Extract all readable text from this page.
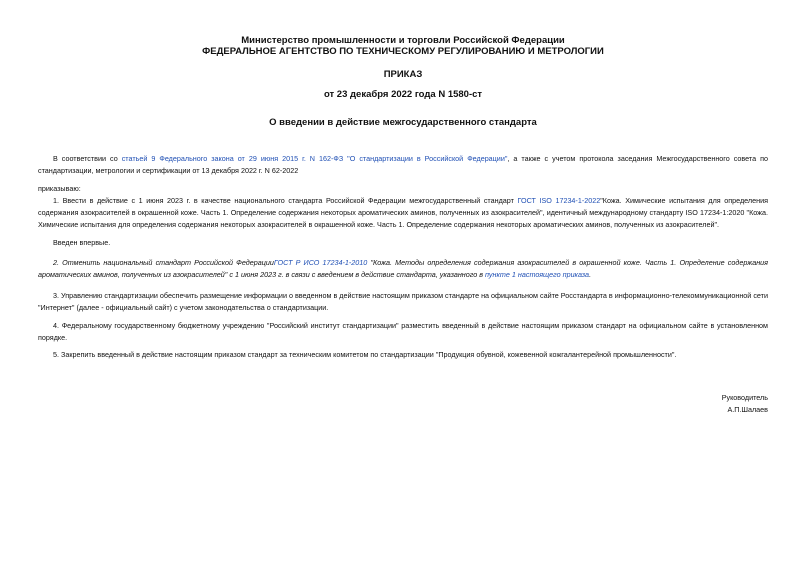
Министерство промышленности и торговли Российской Федерации
ФЕДЕРАЛЬНОЕ АГЕНТСТВО ПО ТЕХНИЧЕСКОМУ РЕГУЛИРОВАНИЮ И МЕТРОЛОГИИ
ПРИКАЗ
от 23 декабря 2022 года N 1580-ст
О введении в действие межгосударственного стандарта
В соответствии со статьей 9 Федерального закона от 29 июня 2015 г. N 162-ФЗ "О стандартизации в Российской Федерации", а также с учетом протокола заседания Межгосударственного совета по стандартизации, метрологии и сертификации от 13 декабря 2022 г. N 62-2022
приказываю:
1. Ввести в действие с 1 июня 2023 г. в качестве национального стандарта Российской Федерации межгосударственный стандарт ГОСТ ISO 17234-1-2022"Кожа. Химические испытания для определения содержания азокрасителей в окрашенной коже. Часть 1. Определение содержания некоторых ароматических аминов, полученных из азокрасителей", идентичный международному стандарту ISO 17234-1:2020 "Кожа. Химические испытания для определения содержания некоторых азокрасителей в окрашенной коже. Часть 1. Определение содержания некоторых ароматических аминов, полученных из азокрасителей".
Введен впервые.
2. Отменить национальный стандарт Российской ФедерацииГОСТ Р ИСО 17234-1-2010 "Кожа. Методы определения содержания азокрасителей в окрашенной коже. Часть 1. Определение содержания ароматических аминов, полученных из азокрасителей" с 1 июня 2023 г. в связи с введением в действие стандарта, указанного в пункте 1 настоящего приказа.
3. Управлению стандартизации обеспечить размещение информации о введенном в действие настоящим приказом стандарте на официальном сайте Росстандарта в информационно-телекоммуникационной сети "Интернет" (далее - официальный сайт) с учетом законодательства о стандартизации.
4. Федеральному государственному бюджетному учреждению "Российский институт стандартизации" разместить введенный в действие настоящим приказом стандарт на официальном сайте в установленном порядке.
5. Закрепить введенный в действие настоящим приказом стандарт за техническим комитетом по стандартизации "Продукция обувной, кожевенной кожгалантерейной промышленности".
Руководитель
А.П.Шалаев
